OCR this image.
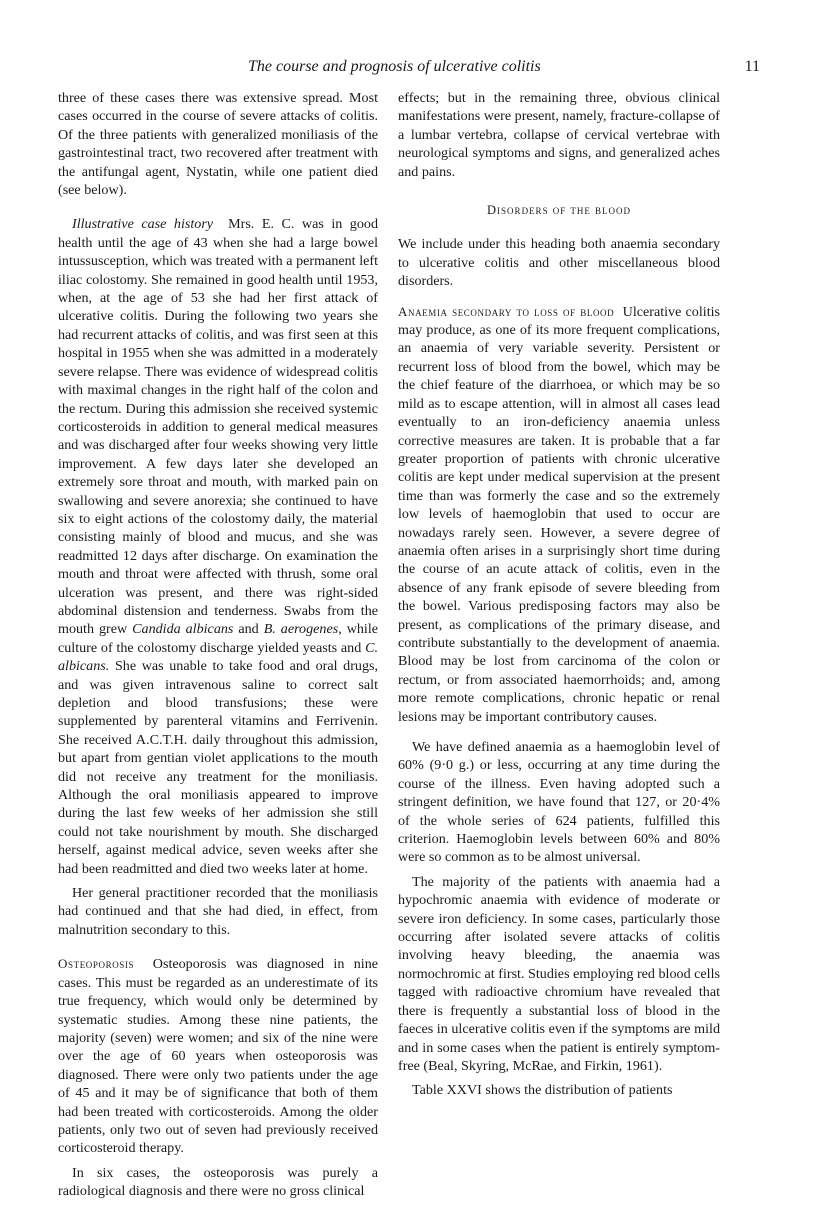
The course and prognosis of ulcerative colitis	11

three of these cases there was extensive spread. Most cases occurred in the course of severe attacks of colitis. Of the three patients with generalized moniliasis of the gastrointestinal tract, two recovered after treatment with the antifungal agent, Nystatin, while one patient died (see below).

Illustrative case history Mrs. E. C. was in good health until the age of 43 when she had a large bowel intussusception, which was treated with a permanent left iliac colostomy. She remained in good health until 1953, when, at the age of 53 she had her first attack of ulcerative colitis. During the following two years she had recurrent attacks of colitis, and was first seen at this hospital in 1955 when she was admitted in a moderately severe relapse. There was evidence of widespread colitis with maximal changes in the right half of the colon and the rectum. During this admission she received systemic corticosteroids in addition to general medical measures and was discharged after four weeks showing very little improvement. A few days later she developed an extremely sore throat and mouth, with marked pain on swallowing and severe anorexia; she continued to have six to eight actions of the colostomy daily, the material consisting mainly of blood and mucus, and she was readmitted 12 days after discharge. On examination the mouth and throat were affected with thrush, some oral ulceration was present, and there was right-sided abdominal distension and tenderness. Swabs from the mouth grew Candida albicans and B. aerogenes, while culture of the colostomy discharge yielded yeasts and C. albicans. She was unable to take food and oral drugs, and was given intravenous saline to correct salt depletion and blood transfusions; these were supplemented by parenteral vitamins and Ferrivenin. She received A.C.T.H. daily throughout this admission, but apart from gentian violet applications to the mouth did not receive any treatment for the moniliasis. Although the oral moniliasis appeared to improve during the last few weeks of her admission she still could not take nourishment by mouth. She discharged herself, against medical advice, seven weeks after she had been readmitted and died two weeks later at home.

Her general practitioner recorded that the moniliasis had continued and that she had died, in effect, from malnutrition secondary to this.

Osteoporosis Osteoporosis was diagnosed in nine cases. This must be regarded as an underestimate of its true frequency, which would only be determined by systematic studies. Among these nine patients, the majority (seven) were women; and six of the nine were over the age of 60 years when osteoporosis was diagnosed. There were only two patients under the age of 45 and it may be of significance that both of them had been treated with corticosteroids. Among the older patients, only two out of seven had previously received corticosteroid therapy.

In six cases, the osteoporosis was purely a radiological diagnosis and there were no gross clinical

effects; but in the remaining three, obvious clinical manifestations were present, namely, fracture-collapse of a lumbar vertebra, collapse of cervical vertebrae with neurological symptoms and signs, and generalized aches and pains.

Disorders of the blood

We include under this heading both anaemia secondary to ulcerative colitis and other miscellaneous blood disorders.

Anaemia secondary to loss of blood Ulcerative colitis may produce, as one of its more frequent complications, an anaemia of very variable severity. Persistent or recurrent loss of blood from the bowel, which may be the chief feature of the diarrhoea, or which may be so mild as to escape attention, will in almost all cases lead eventually to an iron-deficiency anaemia unless corrective measures are taken. It is probable that a far greater proportion of patients with chronic ulcerative colitis are kept under medical supervision at the present time than was formerly the case and so the extremely low levels of haemoglobin that used to occur are nowadays rarely seen. However, a severe degree of anaemia often arises in a surprisingly short time during the course of an acute attack of colitis, even in the absence of any frank episode of severe bleeding from the bowel. Various predisposing factors may also be present, as complications of the primary disease, and contribute substantially to the development of anaemia. Blood may be lost from carcinoma of the colon or rectum, or from associated haemorrhoids; and, among more remote complications, chronic hepatic or renal lesions may be important contributory causes.

We have defined anaemia as a haemoglobin level of 60% (9·0 g.) or less, occurring at any time during the course of the illness. Even having adopted such a stringent definition, we have found that 127, or 20·4% of the whole series of 624 patients, fulfilled this criterion. Haemoglobin levels between 60% and 80% were so common as to be almost universal.

The majority of the patients with anaemia had a hypochromic anaemia with evidence of moderate or severe iron deficiency. In some cases, particularly those occurring after isolated severe attacks of colitis involving heavy bleeding, the anaemia was normochromic at first. Studies employing red blood cells tagged with radioactive chromium have revealed that there is frequently a substantial loss of blood in the faeces in ulcerative colitis even if the symptoms are mild and in some cases when the patient is entirely symptom-free (Beal, Skyring, McRae, and Firkin, 1961).

Table XXVI shows the distribution of patients
